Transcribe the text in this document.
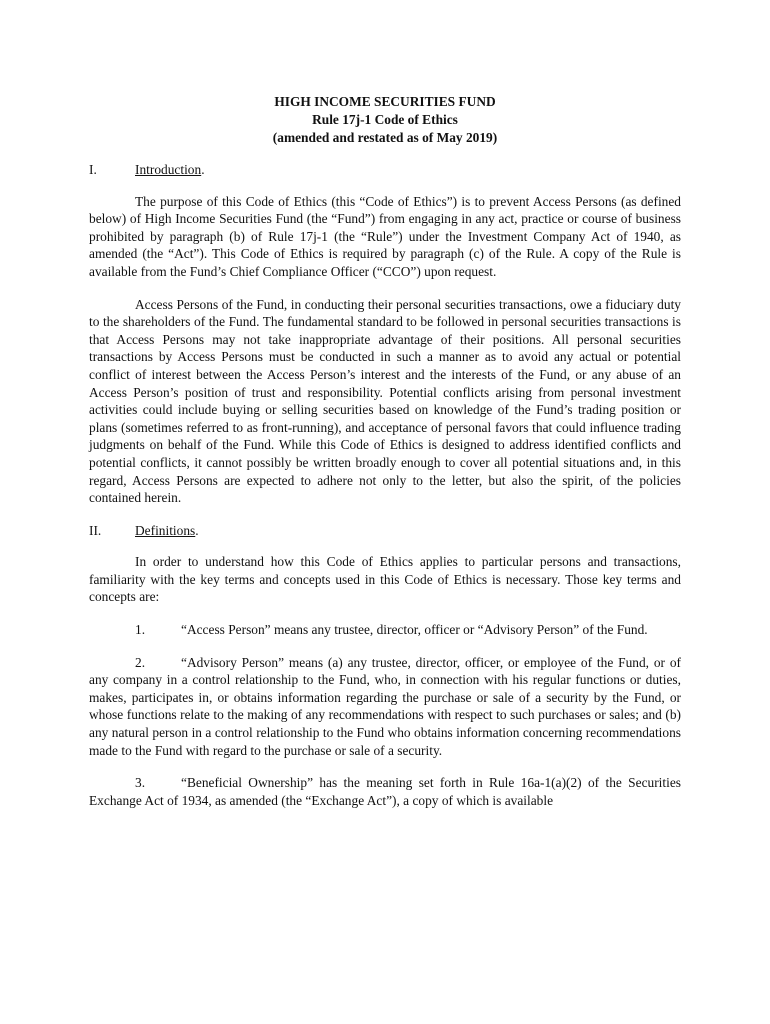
HIGH INCOME SECURITIES FUND
Rule 17j-1 Code of Ethics
(amended and restated as of May 2019)
I.	Introduction.

The purpose of this Code of Ethics (this “Code of Ethics”) is to prevent Access Persons (as defined below) of High Income Securities Fund (the “Fund”) from engaging in any act, practice or course of business prohibited by paragraph (b) of Rule 17j-1 (the “Rule”) under the Investment Company Act of 1940, as amended (the “Act”). This Code of Ethics is required by paragraph (c) of the Rule. A copy of the Rule is available from the Fund’s Chief Compliance Officer (“CCO”) upon request.

Access Persons of the Fund, in conducting their personal securities transactions, owe a fiduciary duty to the shareholders of the Fund. The fundamental standard to be followed in personal securities transactions is that Access Persons may not take inappropriate advantage of their positions. All personal securities transactions by Access Persons must be conducted in such a manner as to avoid any actual or potential conflict of interest between the Access Person’s interest and the interests of the Fund, or any abuse of an Access Person’s position of trust and responsibility. Potential conflicts arising from personal investment activities could include buying or selling securities based on knowledge of the Fund’s trading position or plans (sometimes referred to as front-running), and acceptance of personal favors that could influence trading judgments on behalf of the Fund. While this Code of Ethics is designed to address identified conflicts and potential conflicts, it cannot possibly be written broadly enough to cover all potential situations and, in this regard, Access Persons are expected to adhere not only to the letter, but also the spirit, of the policies contained herein.

II.	Definitions.

In order to understand how this Code of Ethics applies to particular persons and transactions, familiarity with the key terms and concepts used in this Code of Ethics is necessary. Those key terms and concepts are:

1.	“Access Person” means any trustee, director, officer or “Advisory Person” of the Fund.
2.	“Advisory Person” means (a) any trustee, director, officer, or employee of the Fund, or of any company in a control relationship to the Fund, who, in connection with his regular functions or duties, makes, participates in, or obtains information regarding the purchase or sale of a security by the Fund, or whose functions relate to the making of any recommendations with respect to such purchases or sales; and (b) any natural person in a control relationship to the Fund who obtains information concerning recommendations made to the Fund with regard to the purchase or sale of a security.
3.	“Beneficial Ownership” has the meaning set forth in Rule 16a-1(a)(2) of the Securities Exchange Act of 1934, as amended (the “Exchange Act”), a copy of which is available
